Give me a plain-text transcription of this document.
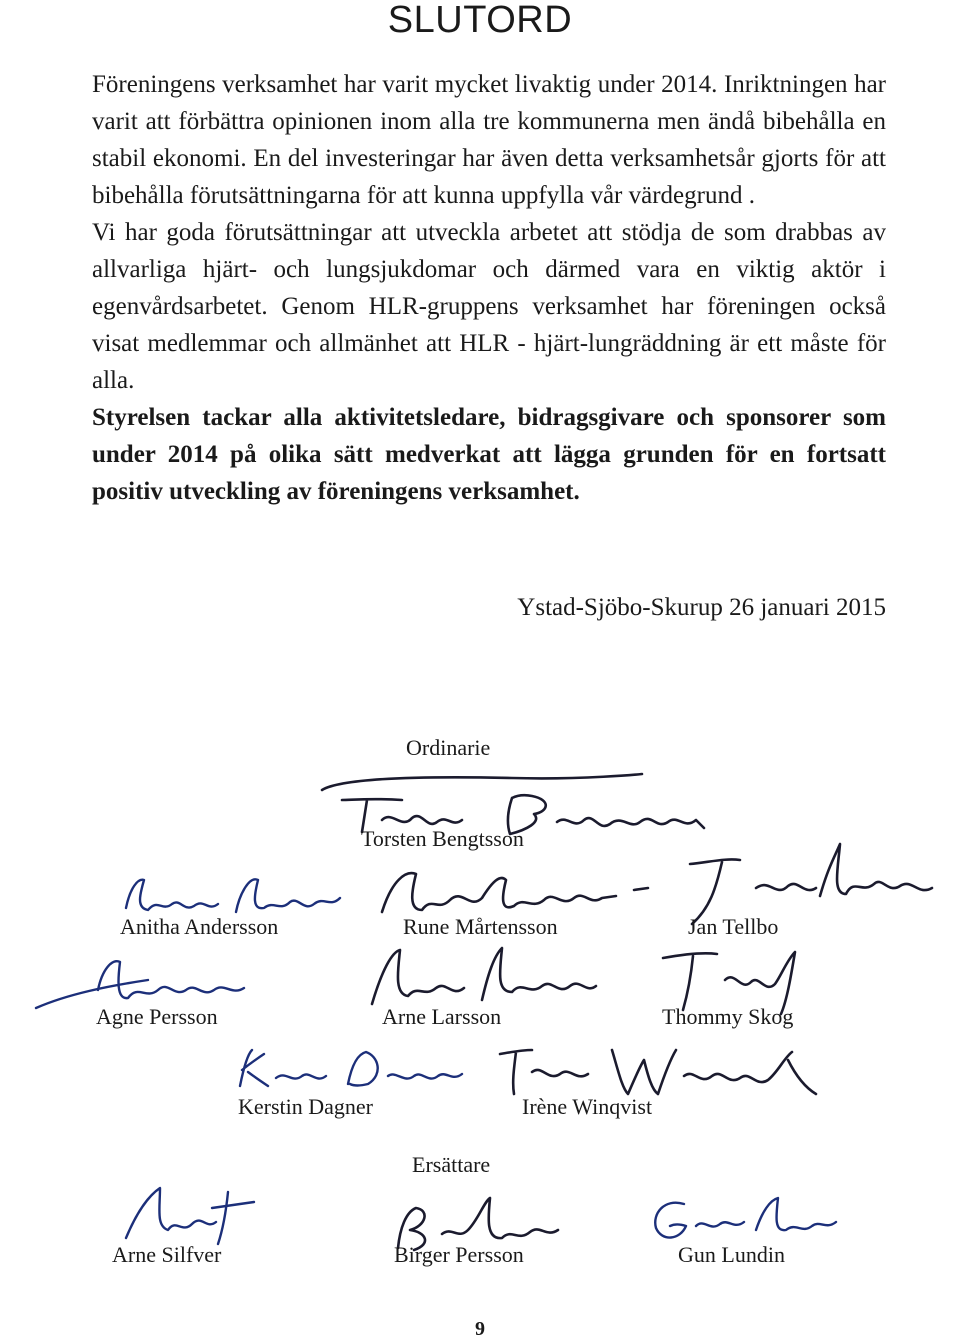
SLUTORD

Föreningens verksamhet har varit mycket livaktig under 2014. Inriktningen har varit att förbättra opinionen inom alla tre kommunerna men ändå bibehålla en stabil ekonomi. En del investeringar har även detta verksamhetsår gjorts för att bibehålla förutsättningarna för att kunna uppfylla vår värdegrund .

Vi har goda förutsättningar att utveckla arbetet att stödja de som drabbas av allvarliga hjärt- och lungsjukdomar och därmed vara en viktig aktör i egenvårdsarbetet. Genom HLR-gruppens verksamhet har föreningen också visat medlemmar och allmänhet att HLR - hjärt-lungräddning är ett måste för alla.

Styrelsen tackar alla aktivitetsledare, bidragsgivare och sponsorer som under 2014 på olika sätt medverkat att lägga grunden för en fortsatt positiv utveckling av föreningens verksamhet.

Ystad-Sjöbo-Skurup 26 januari 2015
Ordinarie
Torsten Bengtsson
Anitha Andersson	Rune Mårtensson	Jan Tellbo
Agne Persson	Arne Larsson	Thommy Skog
Kerstin Dagner	Irène Winqvist
Ersättare
Arne Silfver	Birger Persson	Gun Lundin
9
